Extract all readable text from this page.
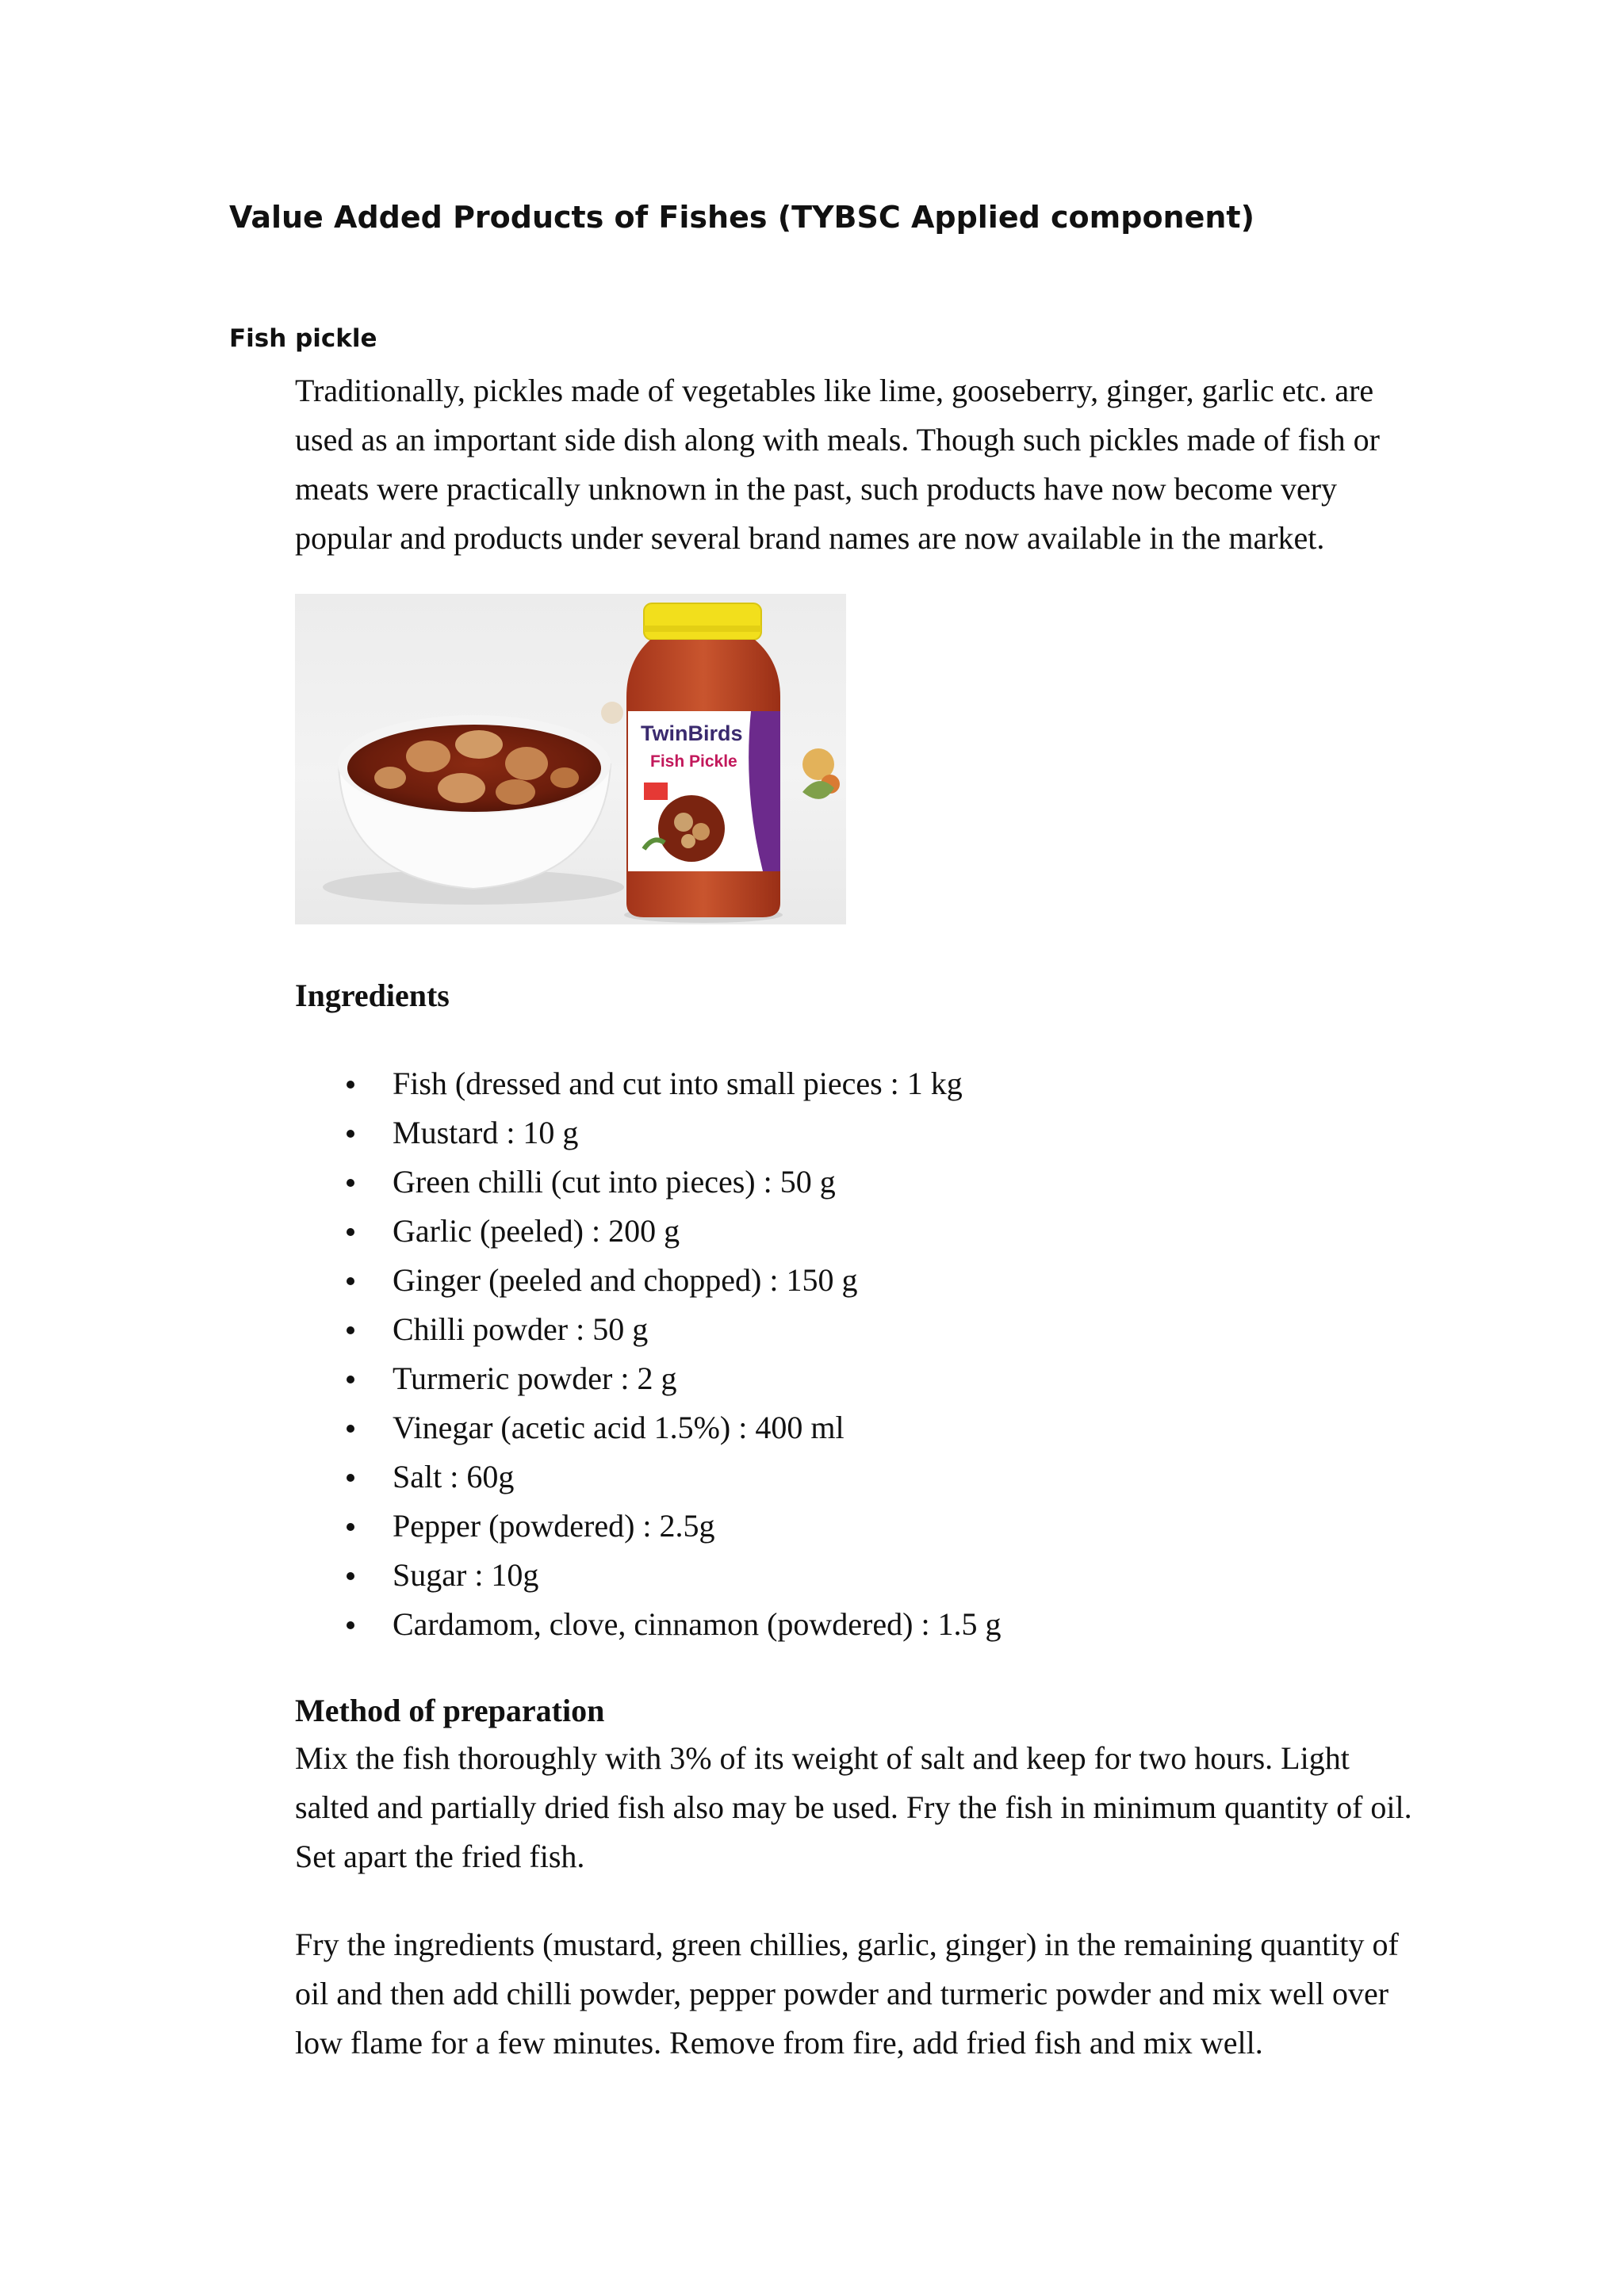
Value Added Products of Fishes (TYBSC Applied component)
Fish pickle

Traditionally, pickles made of vegetables like lime, gooseberry, ginger, garlic etc. are used as an important side dish along with meals. Though such pickles made of fish or meats were practically unknown in the past, such products have now become very popular and products under several brand names are now available in the market.

TwinBirds
Fish Pickle
Ingredients
Fish (dressed and cut into small pieces : 1 kg
Mustard : 10 g
Green chilli (cut into pieces) : 50 g
Garlic (peeled) : 200 g
Ginger (peeled and chopped) : 150 g
Chilli powder : 50 g
Turmeric powder : 2 g
Vinegar (acetic acid 1.5%) : 400 ml
Salt : 60g
Pepper (powdered) : 2.5g
Sugar : 10g
Cardamom, clove, cinnamon (powdered) : 1.5 g
Method of preparation

Mix the fish thoroughly with 3% of its weight of salt and keep for two hours. Light salted and partially dried fish also may be used. Fry the fish in minimum quantity of oil. Set apart the fried fish.

Fry the ingredients (mustard, green chillies, garlic, ginger) in the remaining quantity of oil and then add chilli powder, pepper powder and turmeric powder and mix well over low flame for a few minutes. Remove from fire, add fried fish and mix well.
